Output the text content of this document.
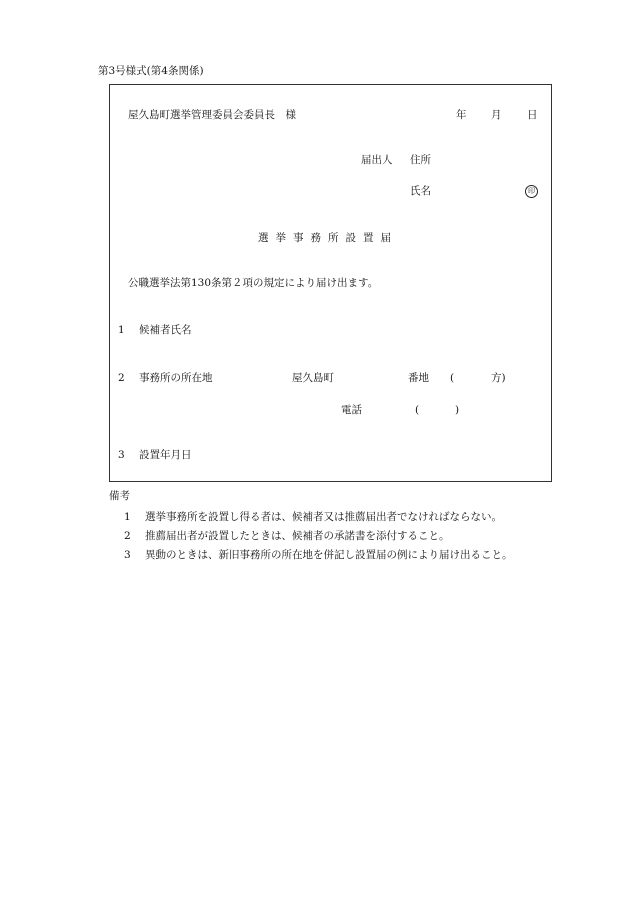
第3号様式(第4条関係)
屋久島町選挙管理委員会委員長　様	年 月 日
届出人 住所
氏名	印
選挙事務所設置届
公職選挙法第130条第２項の規定により届け出ます。
1 候補者氏名
2 事務所の所在地	屋久島町	番地 (	方)
電話	(	)
3 設置年月日
備考
1 選挙事務所を設置し得る者は、候補者又は推薦届出者でなければならない。
2 推薦届出者が設置したときは、候補者の承諾書を添付すること。
3 異動のときは、新旧事務所の所在地を併記し設置届の例により届け出ること。
